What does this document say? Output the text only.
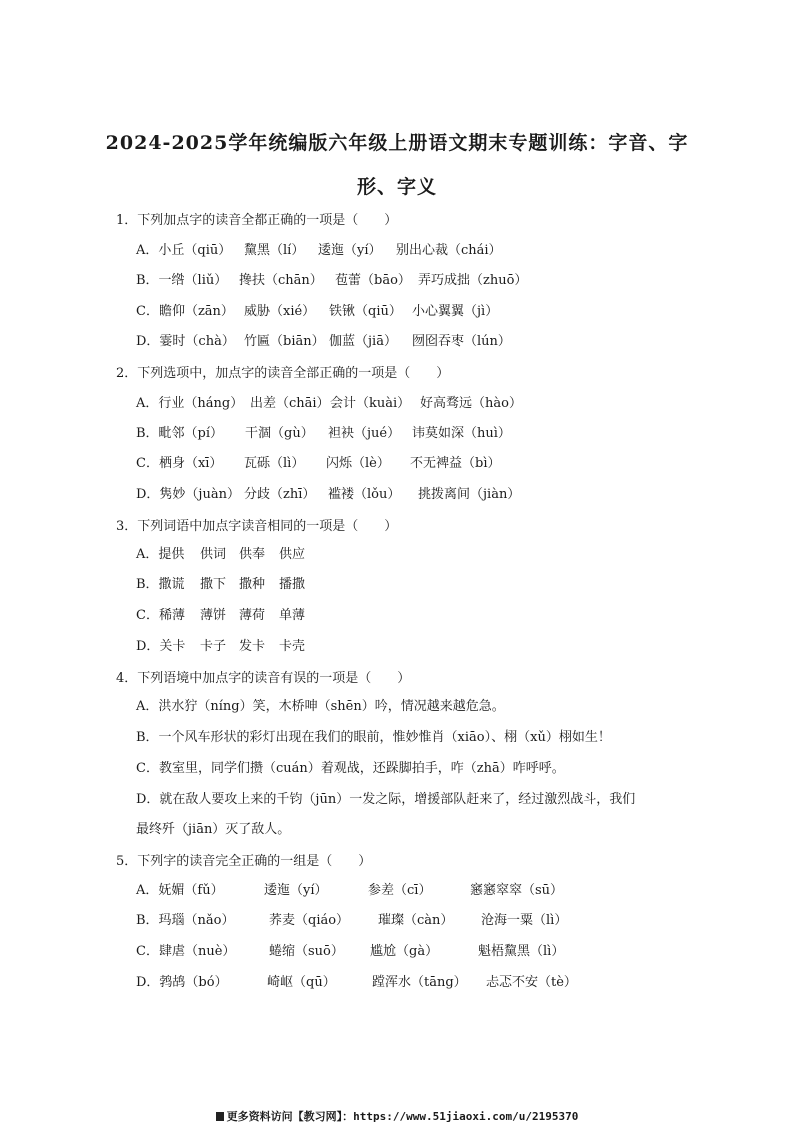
2024-2025学年统编版六年级上册语文期末专题训练：字音、字
形、字义
1．下列加点字的读音全都正确的一项是（　　）
A．小丘（qiū） 黧黑（lí） 逶迤（yí） 别出心裁（chái）
B．一绺（liǔ） 搀扶（chān） 苞蕾（bāo） 弄巧成拙（zhuō）
C．瞻仰（zān） 威胁（xié） 铁锹（qiū） 小心翼翼（jì）
D．霎时（chà） 竹匾（biān） 伽蓝（jiā） 囫囵吞枣（lún）
2．下列选项中，加点字的读音全部正确的一项是（　　）
A．行业（háng） 出差（chāi） 会计（kuài） 好高骛远（hào）
B．毗邻（pí） 干涸（gù） 袒袂（jué） 讳莫如深（huì）
C．栖身（xī） 瓦砾（lì） 闪烁（lè） 不无裨益（bì）
D．隽妙（juàn） 分歧（zhī） 褴褛（lǒu） 挑拨离间（jiàn）
3．下列词语中加点字读音相同的一项是（　　）
A．提供 供词 供奉 供应
B．撒谎 撒下 撒种 播撒
C．稀薄 薄饼 薄荷 单薄
D．关卡 卡子 发卡 卡壳
4．下列语境中加点字的读音有误的一项是（　　）
A．洪水狞（níng）笑，木桥呻（shēn）吟，情况越来越危急。
B．一个风车形状的彩灯出现在我们的眼前，惟妙惟肖（xiāo）、栩（xǔ）栩如生！
C．教室里，同学们攒（cuán）着观战，还跺脚拍手，咋（zhā）咋呼呼。
D．就在敌人要攻上来的千钧（jūn）一发之际，增援部队赶来了，经过激烈战斗，我们
最终歼（jiān）灭了敌人。
5．下列字的读音完全正确的一组是（　　）
A．妩媚（fǔ）	逶迤（yí）	参差（cī）	窸窸窣窣（sū）
B．玛瑙（nǎo）	荞麦（qiáo） 璀璨（càn） 沧海一粟（lì）
C．肆虐（nuè）	蜷缩（suō） 尴尬（gà）	魁梧黧黑（lì）
D．鹁鸪（bó）	崎岖（qū）	蹚浑水（tāng） 忐忑不安（tè）
更多资料访问【教习网】：https://www.51jiaoxi.com/u/2195370
